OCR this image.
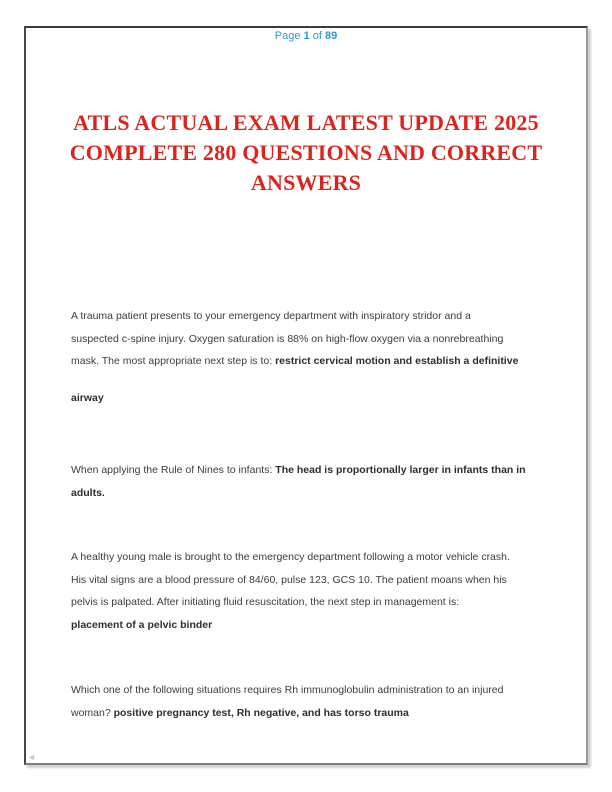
Page 1 of 89
ATLS ACTUAL EXAM LATEST UPDATE 2025
COMPLETE 280 QUESTIONS AND CORRECT
ANSWERS
A trauma patient presents to your emergency department with inspiratory stridor and a
suspected c-spine injury. Oxygen saturation is 88% on high-flow oxygen via a nonrebreathing
mask. The most appropriate next step is to: restrict cervical motion and establish a definitive
airway
When applying the Rule of Nines to infants: The head is proportionally larger in infants than in
adults.
A healthy young male is brought to the emergency department following a motor vehicle crash.
His vital signs are a blood pressure of 84/60, pulse 123, GCS 10. The patient moans when his
pelvis is palpated. After initiating fluid resuscitation, the next step in management is:
placement of a pelvic binder
Which one of the following situations requires Rh immunoglobulin administration to an injured
woman? positive pregnancy test, Rh negative, and has torso trauma
◄
